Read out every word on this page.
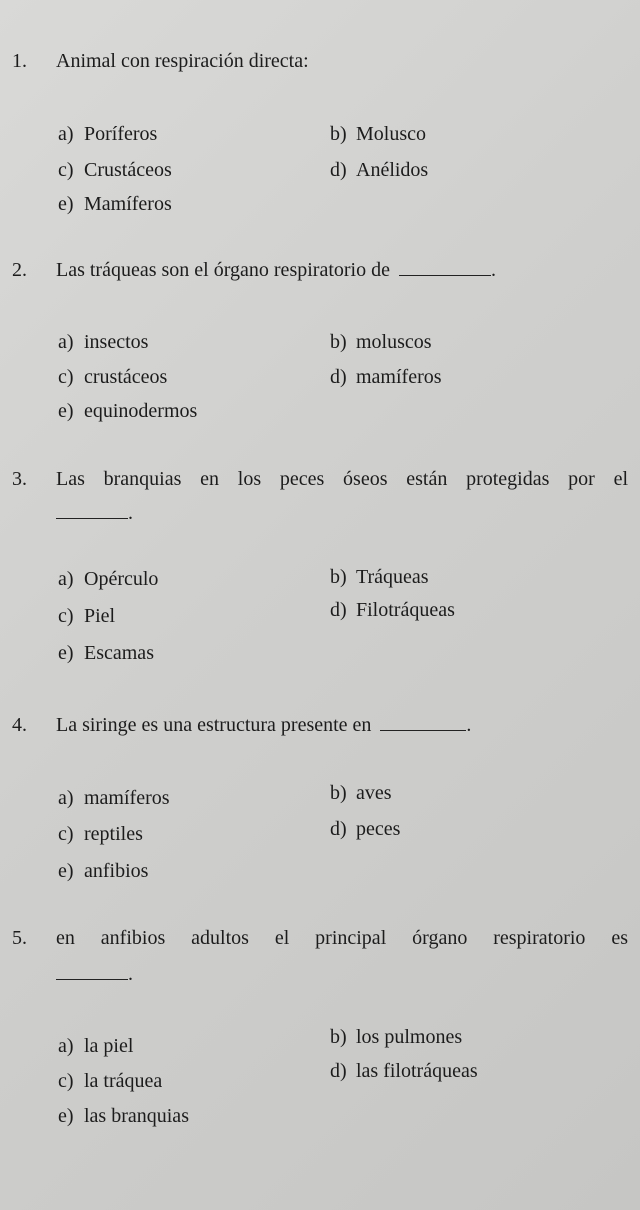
1. Animal con respiración directa:
a) Poríferos	b) Molusco
c) Crustáceos	d) Anélidos
e) Mamíferos
2. Las tráqueas son el órgano respiratorio de	.
a) insectos	b) moluscos
c) crustáceos	d) mamíferos
e) equinodermos
3. Las branquias en los peces óseos están protegidas por el
.
a) Opérculo	b) Tráqueas
c) Piel	d) Filotráqueas
e) Escamas
4. La siringe es una estructura presente en	.
a) mamíferos	b) aves
c) reptiles	d) peces
e) anfibios
5. en anfibios adultos el principal órgano respiratorio es
.
a) la piel	b) los pulmones
c) la tráquea	d) las filotráqueas
e) las branquias
